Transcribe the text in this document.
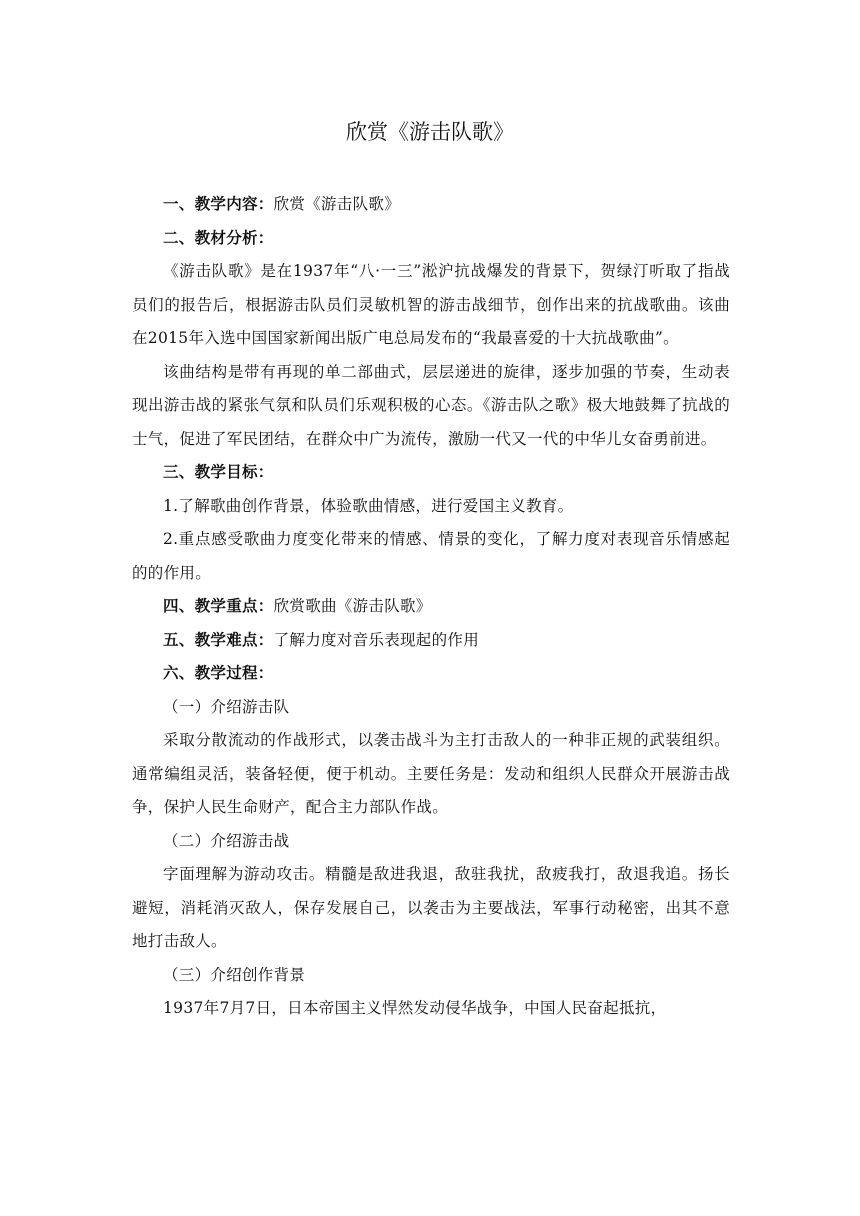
欣赏《游击队歌》

一、教学内容：欣赏《游击队歌》

二、教材分析：

《游击队歌》是在1937年“八·一三”淞沪抗战爆发的背景下，贺绿汀听取了指战员们的报告后，根据游击队员们灵敏机智的游击战细节，创作出来的抗战歌曲。该曲在2015年入选中国国家新闻出版广电总局发布的“我最喜爱的十大抗战歌曲”。

该曲结构是带有再现的单二部曲式，层层递进的旋律，逐步加强的节奏，生动表现出游击战的紧张气氛和队员们乐观积极的心态。《游击队之歌》极大地鼓舞了抗战的士气，促进了军民团结，在群众中广为流传，激励一代又一代的中华儿女奋勇前进。

三、教学目标：

1.了解歌曲创作背景，体验歌曲情感，进行爱国主义教育。

2.重点感受歌曲力度变化带来的情感、情景的变化，了解力度对表现音乐情感起的的作用。

四、教学重点：欣赏歌曲《游击队歌》

五、教学难点：了解力度对音乐表现起的作用

六、教学过程：

（一）介绍游击队

采取分散流动的作战形式，以袭击战斗为主打击敌人的一种非正规的武装组织。通常编组灵活，装备轻便，便于机动。主要任务是：发动和组织人民群众开展游击战争，保护人民生命财产，配合主力部队作战。

（二）介绍游击战

字面理解为游动攻击。精髓是敌进我退，敌驻我扰，敌疲我打，敌退我追。扬长避短，消耗消灭敌人，保存发展自己，以袭击为主要战法，军事行动秘密，出其不意地打击敌人。

（三）介绍创作背景

1937年7月7日，日本帝国主义悍然发动侵华战争，中国人民奋起抵抗，
